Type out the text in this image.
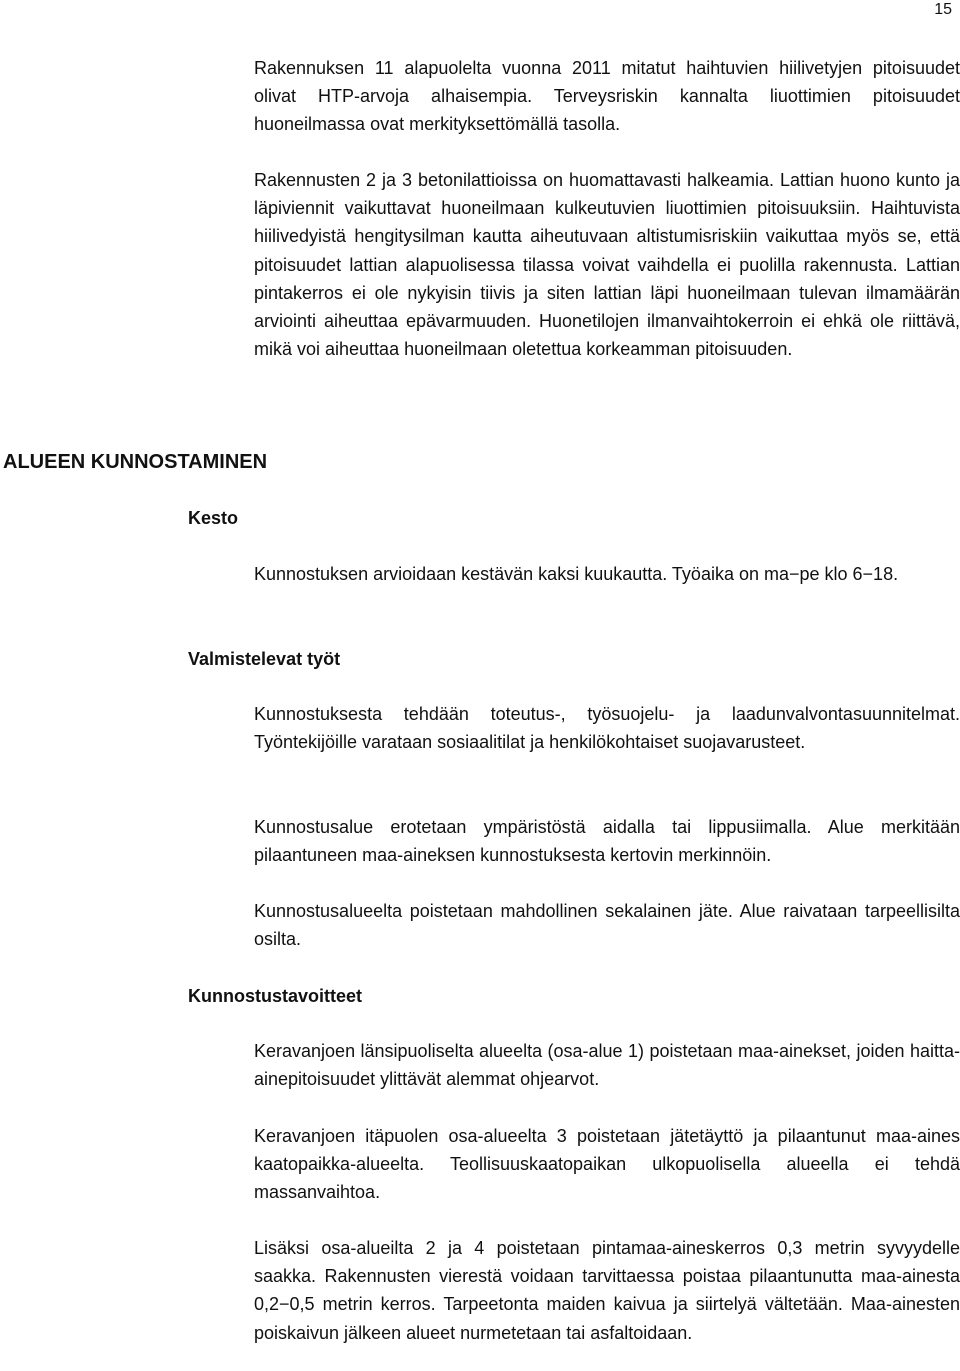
15

Rakennuksen 11 alapuolelta vuonna 2011 mitatut haihtuvien hiilivetyjen pitoisuudet olivat HTP-arvoja alhaisempia. Terveysriskin kannalta liuottimien pitoisuudet huoneilmassa ovat merkityksettömällä tasolla.

Rakennusten 2 ja 3 betonilattioissa on huomattavasti halkeamia. Lattian huono kunto ja läpiviennit vaikuttavat huoneilmaan kulkeutuvien liuottimien pitoisuuksiin. Haihtuvista hiilivedyistä hengitysilman kautta aiheutuvaan altistumisriskiin vaikuttaa myös se, että pitoisuudet lattian alapuolisessa tilassa voivat vaihdella ei puolilla rakennusta. Lattian pintakerros ei ole nykyisin tiivis ja siten lattian läpi huoneilmaan tulevan ilmamäärän arviointi aiheuttaa epävarmuuden. Huonetilojen ilmanvaihtokerroin ei ehkä ole riittävä, mikä voi aiheuttaa huoneilmaan oletettua korkeamman pitoisuuden.

ALUEEN KUNNOSTAMINEN
Kesto

Kunnostuksen arvioidaan kestävän kaksi kuukautta. Työaika on ma−pe klo 6−18.

Valmistelevat työt

Kunnostuksesta tehdään toteutus-, työsuojelu- ja laadunvalvontasuunnitelmat. Työntekijöille varataan sosiaalitilat ja henkilökohtaiset suojavarusteet.

Kunnostusalue erotetaan ympäristöstä aidalla tai lippusiimalla. Alue merkitään pilaantuneen maa-aineksen kunnostuksesta kertovin merkinnöin.

Kunnostusalueelta poistetaan mahdollinen sekalainen jäte. Alue raivataan tarpeellisilta osilta.

Kunnostustavoitteet

Keravanjoen länsipuoliselta alueelta (osa-alue 1) poistetaan maa-ainekset, joiden haitta-ainepitoisuudet ylittävät alemmat ohjearvot.

Keravanjoen itäpuolen osa-alueelta 3 poistetaan jätetäyttö ja pilaantunut maa-aines kaatopaikka-alueelta. Teollisuuskaatopaikan ulkopuolisella alueella ei tehdä massanvaihtoa.

Lisäksi osa-alueilta 2 ja 4 poistetaan pintamaa-aineskerros 0,3 metrin syvyydelle saakka. Rakennusten vierestä voidaan tarvittaessa poistaa pilaantunutta maa-ainesta 0,2−0,5 metrin kerros. Tarpeetonta maiden kaivua ja siirtelyä vältetään. Maa-ainesten poiskaivun jälkeen alueet nurmetetaan tai asfaltoidaan.
